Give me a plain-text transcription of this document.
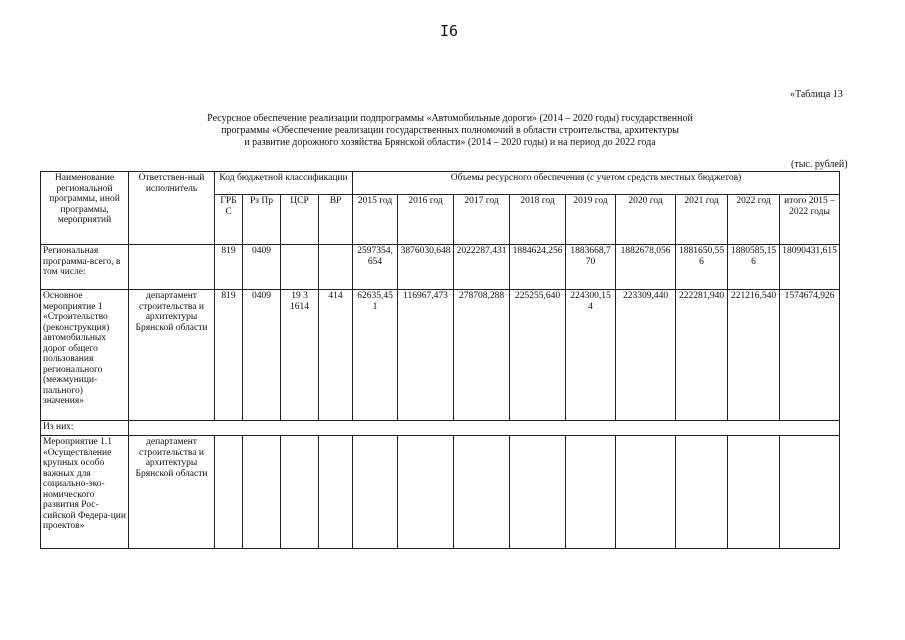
I6
«Таблица 13
Ресурсное обеспечение реализации подпрограммы «Автомобильные дороги» (2014 – 2020 годы) государственной
программы «Обеспечение реализации государственных полномочий в области строительства, архитектуры
и развитие дорожного хозяйства Брянской области» (2014 – 2020 годы) и на период до 2022 года
(тыс. рублей)
Наименование региональной программы, иной программы, мероприятий	Ответствен-ный исполнитель	Код бюджетной классификации				Объемы ресурсного обеспечения (с учетом средств местных бюджетов)								
		ГРБ С	Рз Пр	ЦСР	ВР	2015 год	2016 год	2017 год	2018 год	2019 год	2020 год	2021 год	2022 год	итого 2015 – 2022 годы
Региональная программа-всего, в том числе:		819	0409			2597354,654	3876030,648	2022287,431	1884624,256	1883668,770	1882678,056	1881650,556	1880585,156	18090431,615
Основное мероприятие 1 «Строительство (реконструкция) автомобильных дорог общего пользования регионального (межмуници-пального) значения»	департамент строительства и архитектуры Брянской области	819	0409	19 3 1614	414	62635,451	116967,473	278708,288	225255,640	224300,154	223309,440	222281,940	221216,540	1574674,926
Из них:														
Мероприятие 1.1 «Осуществление крупных особо важных для социально-эко-номического развития Рос-сийской Федера-ции проектов»	департамент строительства и архитектуры Брянской области													
